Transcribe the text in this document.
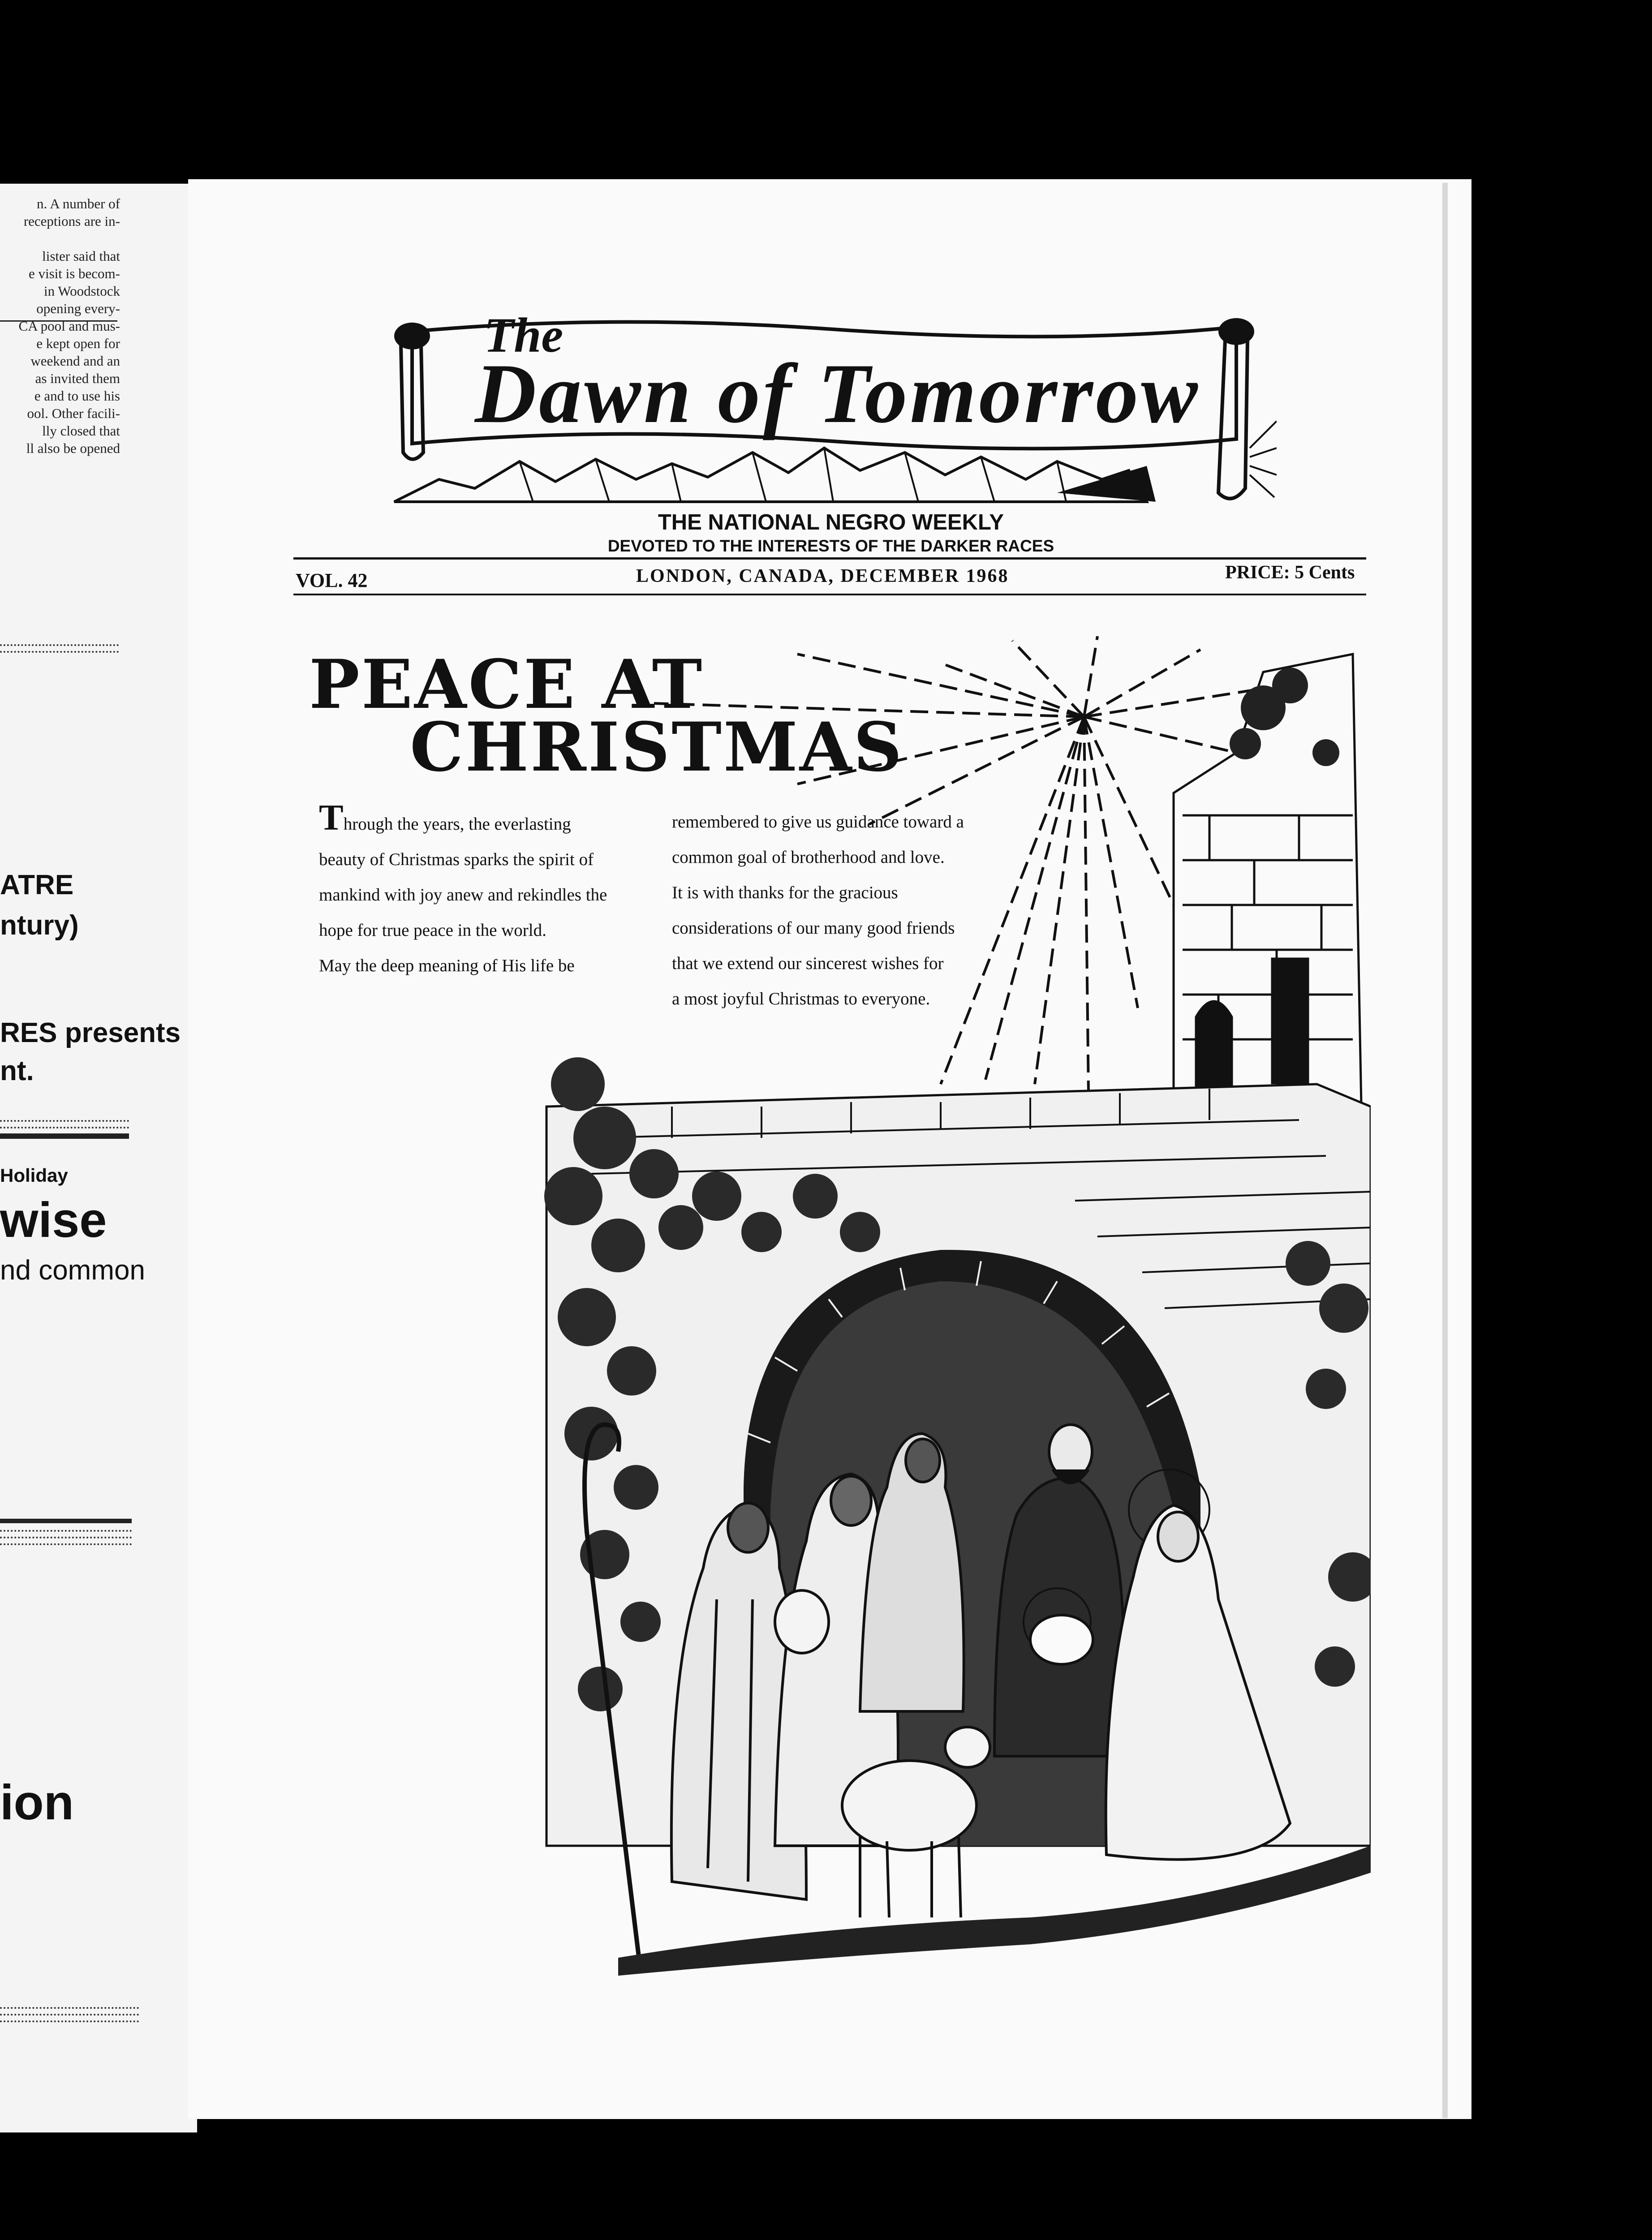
n. A number of
receptions are in-
lister said that
e visit is becom-
in Woodstock
opening every-
CA pool and mus-
e kept open for
weekend and an
as invited them
e and to use his
ool. Other facili-
lly closed that
ll also be opened
ATRE
ntury)
RES presents
nt.
Holiday
wise
nd common
ion
The
Dawn of Tomorrow
THE NATIONAL NEGRO WEEKLY
DEVOTED TO THE INTERESTS OF THE DARKER RACES
VOL. 42	LONDON, CANADA, DECEMBER 1968	PRICE: 5 Cents
PEACE AT
CHRISTMAS
Through the years, the everlasting
beauty of Christmas sparks the spirit of
mankind with joy anew and rekindles the
hope for true peace in the world.
May the deep meaning of His life be
remembered to give us guidance toward a
common goal of brotherhood and love.
It is with thanks for the gracious
considerations of our many good friends
that we extend our sincerest wishes for
a most joyful Christmas to everyone.
